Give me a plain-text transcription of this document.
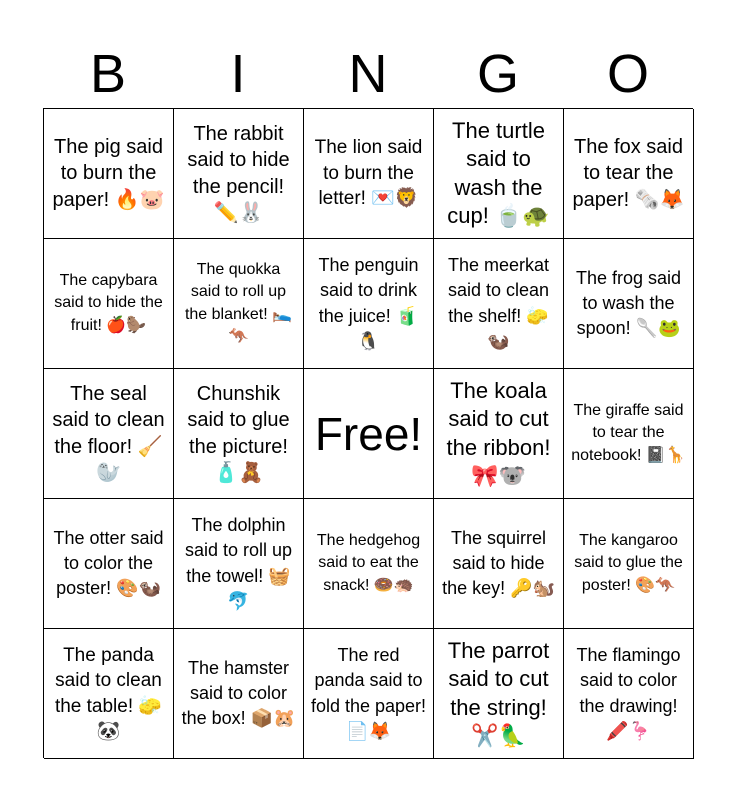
B	I	N	G	O
The pig said to burn the paper! 🔥🐷
The rabbit said to hide the pencil! ✏️🐰
The lion said to burn the letter! 💌🦁
The turtle said to wash the cup! 🍵🐢
The fox said to tear the paper! 🗞️🦊
The capybara said to hide the fruit! 🍎🦫
The quokka said to roll up the blanket! 🛌🦘
The penguin said to drink the juice! 🧃🐧
The meerkat said to clean the shelf! 🧽🦦
The frog said to wash the spoon! 🥄🐸
The seal said to clean the floor! 🧹🦭
Chunshik said to glue the picture! 🧴🧸
Free!
The koala said to cut the ribbon! 🎀🐨
The giraffe said to tear the notebook! 📓🦒
The otter said to color the poster! 🎨🦦
The dolphin said to roll up the towel! 🧺🐬
The hedgehog said to eat the snack! 🍩🦔
The squirrel said to hide the key! 🔑🐿️
The kangaroo said to glue the poster! 🎨🦘
The panda said to clean the table! 🧽🐼
The hamster said to color the box! 📦🐹
The red panda said to fold the paper! 📄🦊
The parrot said to cut the string! ✂️🦜
The flamingo said to color the drawing! 🖍️🦩
